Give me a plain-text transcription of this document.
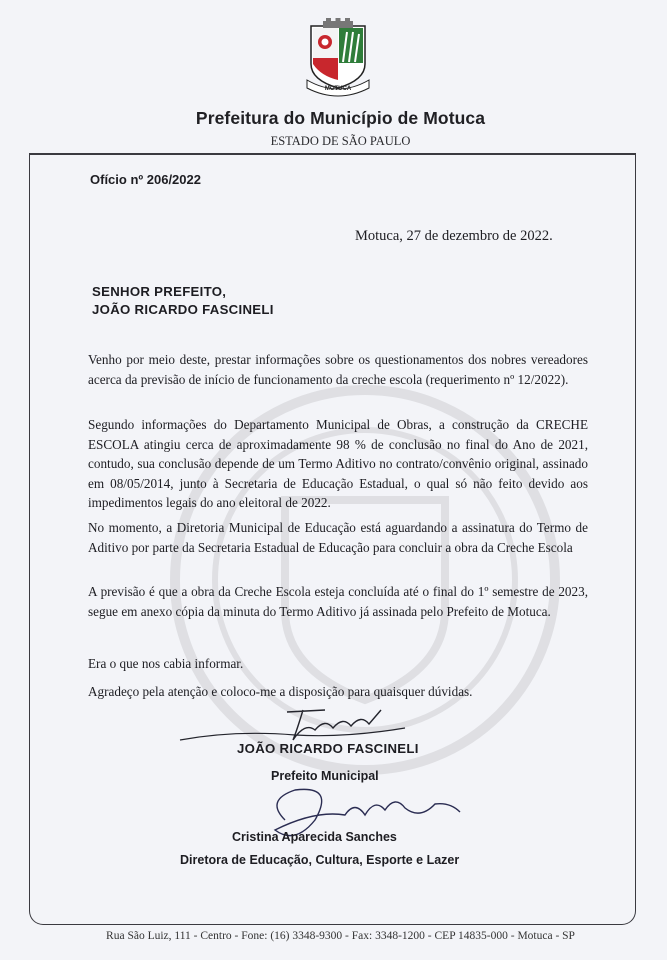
MOTUCA
Prefeitura do Município de Motuca
ESTADO DE SÃO PAULO
Ofício nº 206/2022
Motuca, 27 de dezembro de 2022.
SENHOR PREFEITO,
JOÃO RICARDO FASCINELI
Venho por meio deste, prestar informações sobre os questionamentos dos nobres vereadores acerca da previsão de início de funcionamento da creche escola (requerimento nº 12/2022).
Segundo informações do Departamento Municipal de Obras, a construção da CRECHE ESCOLA atingiu cerca de aproximadamente 98 % de conclusão no final do Ano de 2021, contudo, sua conclusão depende de um Termo Aditivo no contrato/convênio original, assinado em 08/05/2014, junto à Secretaria de Educação Estadual, o qual só não feito devido aos impedimentos legais do ano eleitoral de 2022.
No momento, a Diretoria Municipal de Educação está aguardando a assinatura do Termo de Aditivo por parte da Secretaria Estadual de Educação para concluir a obra da Creche Escola
A previsão é que a obra da Creche Escola esteja concluída até o final do 1º semestre de 2023, segue em anexo cópia da minuta do Termo Aditivo já assinada pelo Prefeito de Motuca.
Era o que nos cabia informar.
Agradeço pela atenção e coloco-me a disposição para quaisquer dúvidas.
JOÃO RICARDO FASCINELI
Prefeito Municipal
Cristina Aparecida Sanches
Diretora de Educação, Cultura, Esporte e Lazer
Rua São Luiz, 111 - Centro - Fone: (16) 3348-9300 - Fax: 3348-1200 - CEP 14835-000 - Motuca - SP
